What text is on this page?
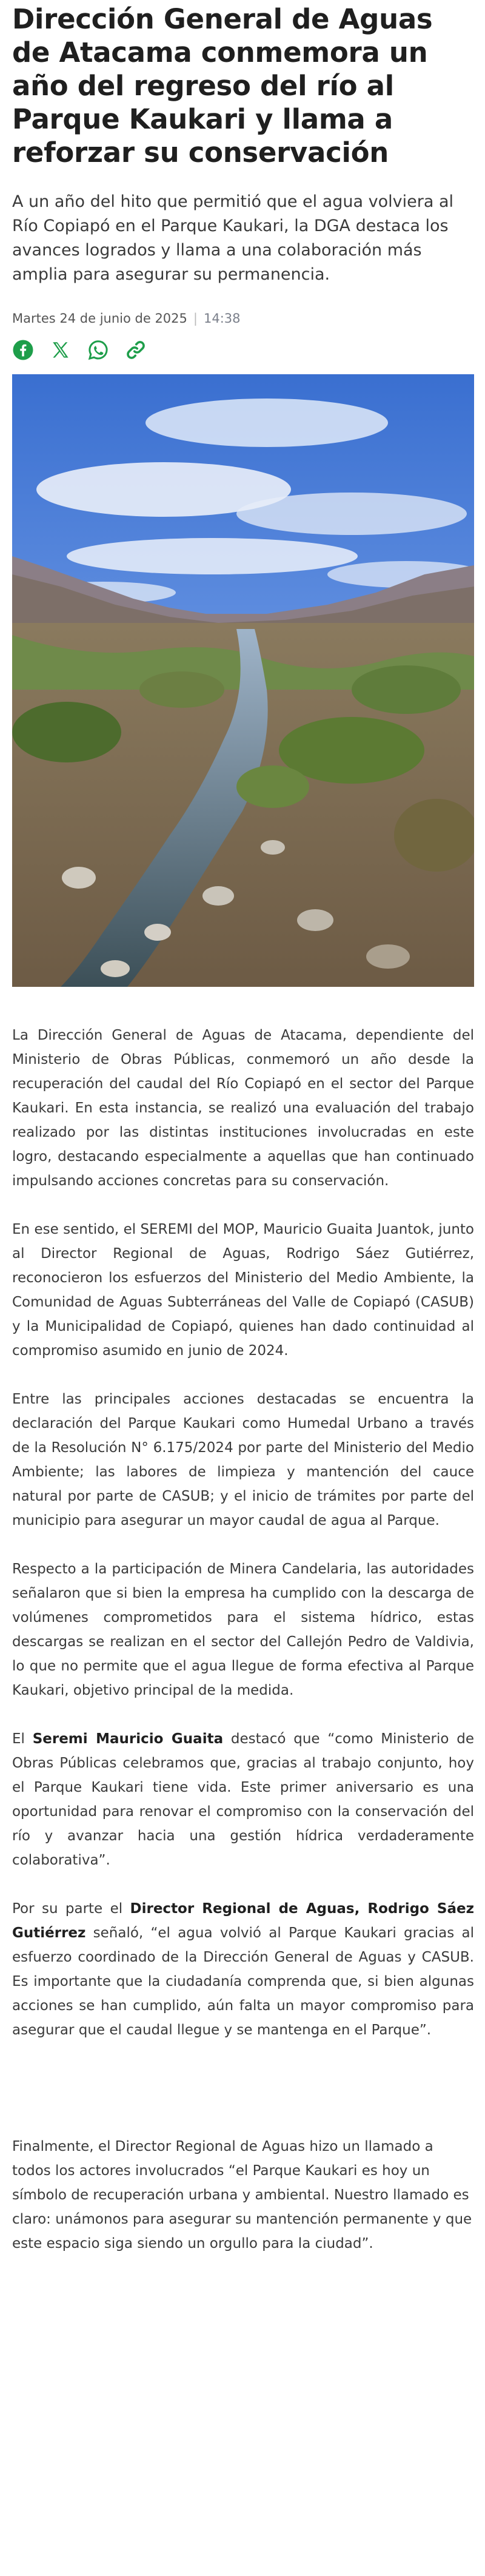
Dirección General de Aguas de Atacama conmemora un año del regreso del río al Parque Kaukari y llama a reforzar su conservación

A un año del hito que permitió que el agua volviera al Río Copiapó en el Parque Kaukari, la DGA destaca los avances logrados y llama a una colaboración más amplia para asegurar su permanencia.

Martes 24 de junio de 2025 | 14:38

La Dirección General de Aguas de Atacama, dependiente del Ministerio de Obras Públicas, conmemoró un año desde la recuperación del caudal del Río Copiapó en el sector del Parque Kaukari. En esta instancia, se realizó una evaluación del trabajo realizado por las distintas instituciones involucradas en este logro, destacando especialmente a aquellas que han continuado impulsando acciones concretas para su conservación.

En ese sentido, el SEREMI del MOP, Mauricio Guaita Juantok, junto al Director Regional de Aguas, Rodrigo Sáez Gutiérrez, reconocieron los esfuerzos del Ministerio del Medio Ambiente, la Comunidad de Aguas Subterráneas del Valle de Copiapó (CASUB) y la Municipalidad de Copiapó, quienes han dado continuidad al compromiso asumido en junio de 2024.

Entre las principales acciones destacadas se encuentra la declaración del Parque Kaukari como Humedal Urbano a través de la Resolución N° 6.175/2024 por parte del Ministerio del Medio Ambiente; las labores de limpieza y mantención del cauce natural por parte de CASUB; y el inicio de trámites por parte del municipio para asegurar un mayor caudal de agua al Parque.

Respecto a la participación de Minera Candelaria, las autoridades señalaron que si bien la empresa ha cumplido con la descarga de volúmenes comprometidos para el sistema hídrico, estas descargas se realizan en el sector del Callejón Pedro de Valdivia, lo que no permite que el agua llegue de forma efectiva al Parque Kaukari, objetivo principal de la medida.

El Seremi Mauricio Guaita destacó que “como Ministerio de Obras Públicas celebramos que, gracias al trabajo conjunto, hoy el Parque Kaukari tiene vida. Este primer aniversario es una oportunidad para renovar el compromiso con la conservación del río y avanzar hacia una gestión hídrica verdaderamente colaborativa”.

Por su parte el Director Regional de Aguas, Rodrigo Sáez Gutiérrez señaló, “el agua volvió al Parque Kaukari gracias al esfuerzo coordinado de la Dirección General de Aguas y CASUB. Es importante que la ciudadanía comprenda que, si bien algunas acciones se han cumplido, aún falta un mayor compromiso para asegurar que el caudal llegue y se mantenga en el Parque”.

Finalmente, el Director Regional de Aguas hizo un llamado a todos los actores involucrados “el Parque Kaukari es hoy un símbolo de recuperación urbana y ambiental. Nuestro llamado es claro: unámonos para asegurar su mantención permanente y que este espacio siga siendo un orgullo para la ciudad”.
